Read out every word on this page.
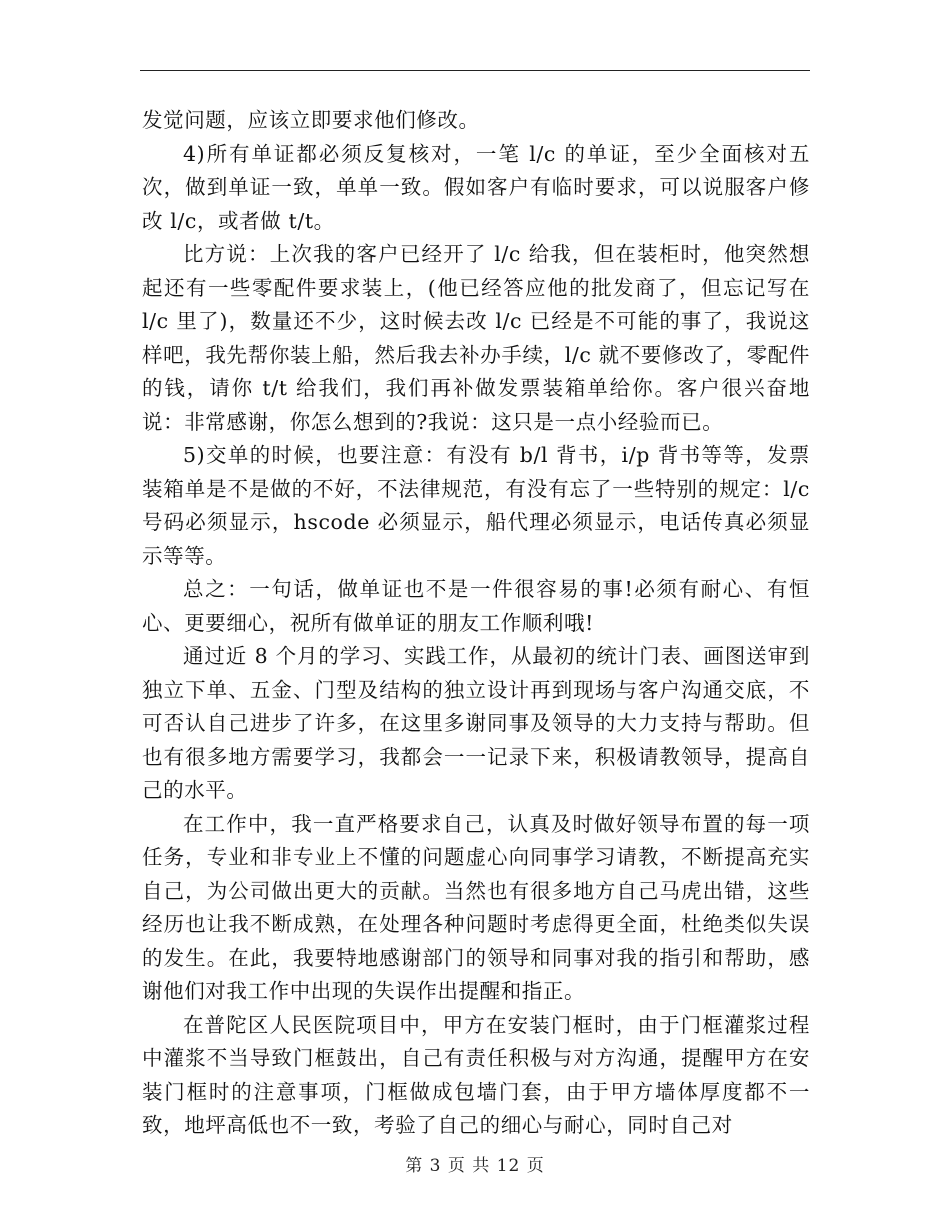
发觉问题，应该立即要求他们修改。

4)所有单证都必须反复核对，一笔 l/c 的单证，至少全面核对五次，做到单证一致，单单一致。假如客户有临时要求，可以说服客户修改 l/c，或者做 t/t。

比方说：上次我的客户已经开了 l/c 给我，但在装柜时，他突然想起还有一些零配件要求装上，(他已经答应他的批发商了，但忘记写在 l/c 里了)，数量还不少，这时候去改 l/c 已经是不可能的事了，我说这样吧，我先帮你装上船，然后我去补办手续，l/c 就不要修改了，零配件的钱，请你 t/t 给我们，我们再补做发票装箱单给你。客户很兴奋地说：非常感谢，你怎么想到的?我说：这只是一点小经验而已。

5)交单的时候，也要注意：有没有 b/l 背书，i/p 背书等等，发票装箱单是不是做的不好，不法律规范，有没有忘了一些特别的规定：l/c 号码必须显示，hscode 必须显示，船代理必须显示，电话传真必须显示等等。

总之：一句话，做单证也不是一件很容易的事!必须有耐心、有恒心、更要细心，祝所有做单证的朋友工作顺利哦!

通过近 8 个月的学习、实践工作，从最初的统计门表、画图送审到独立下单、五金、门型及结构的独立设计再到现场与客户沟通交底，不可否认自己进步了许多，在这里多谢同事及领导的大力支持与帮助。但也有很多地方需要学习，我都会一一记录下来，积极请教领导，提高自己的水平。

在工作中，我一直严格要求自己，认真及时做好领导布置的每一项任务，专业和非专业上不懂的问题虚心向同事学习请教，不断提高充实自己，为公司做出更大的贡献。当然也有很多地方自己马虎出错，这些经历也让我不断成熟，在处理各种问题时考虑得更全面，杜绝类似失误的发生。在此，我要特地感谢部门的领导和同事对我的指引和帮助，感谢他们对我工作中出现的失误作出提醒和指正。

在普陀区人民医院项目中，甲方在安装门框时，由于门框灌浆过程中灌浆不当导致门框鼓出，自己有责任积极与对方沟通，提醒甲方在安装门框时的注意事项，门框做成包墙门套，由于甲方墙体厚度都不一致，地坪高低也不一致，考验了自己的细心与耐心，同时自己对

第 3 页 共 12 页
